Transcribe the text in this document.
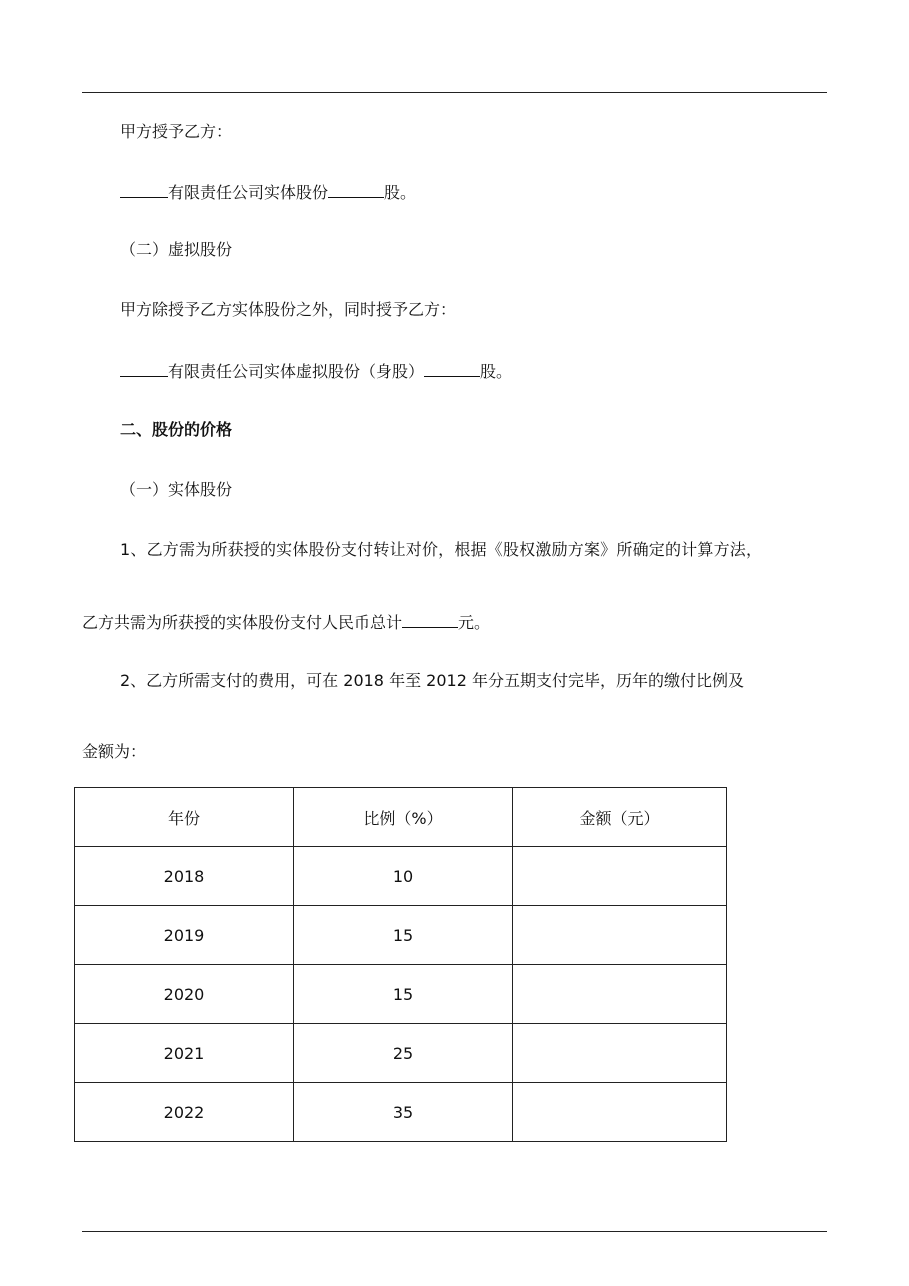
甲方授予乙方：
有限责任公司实体股份	股。
（二）虚拟股份
甲方除授予乙方实体股份之外，同时授予乙方：
有限责任公司实体虚拟股份（身股）	股。
二、股份的价格
（一）实体股份
1、乙方需为所获授的实体股份支付转让对价，根据《股权激励方案》所确定的计算方法，
乙方共需为所获授的实体股份支付人民币总计	元。
2、乙方所需支付的费用，可在 2018 年至 2012 年分五期支付完毕，历年的缴付比例及
金额为：
年份	比例（%）	金额（元）
2018	10	
2019	15	
2020	15	
2021	25	
2022	35	
